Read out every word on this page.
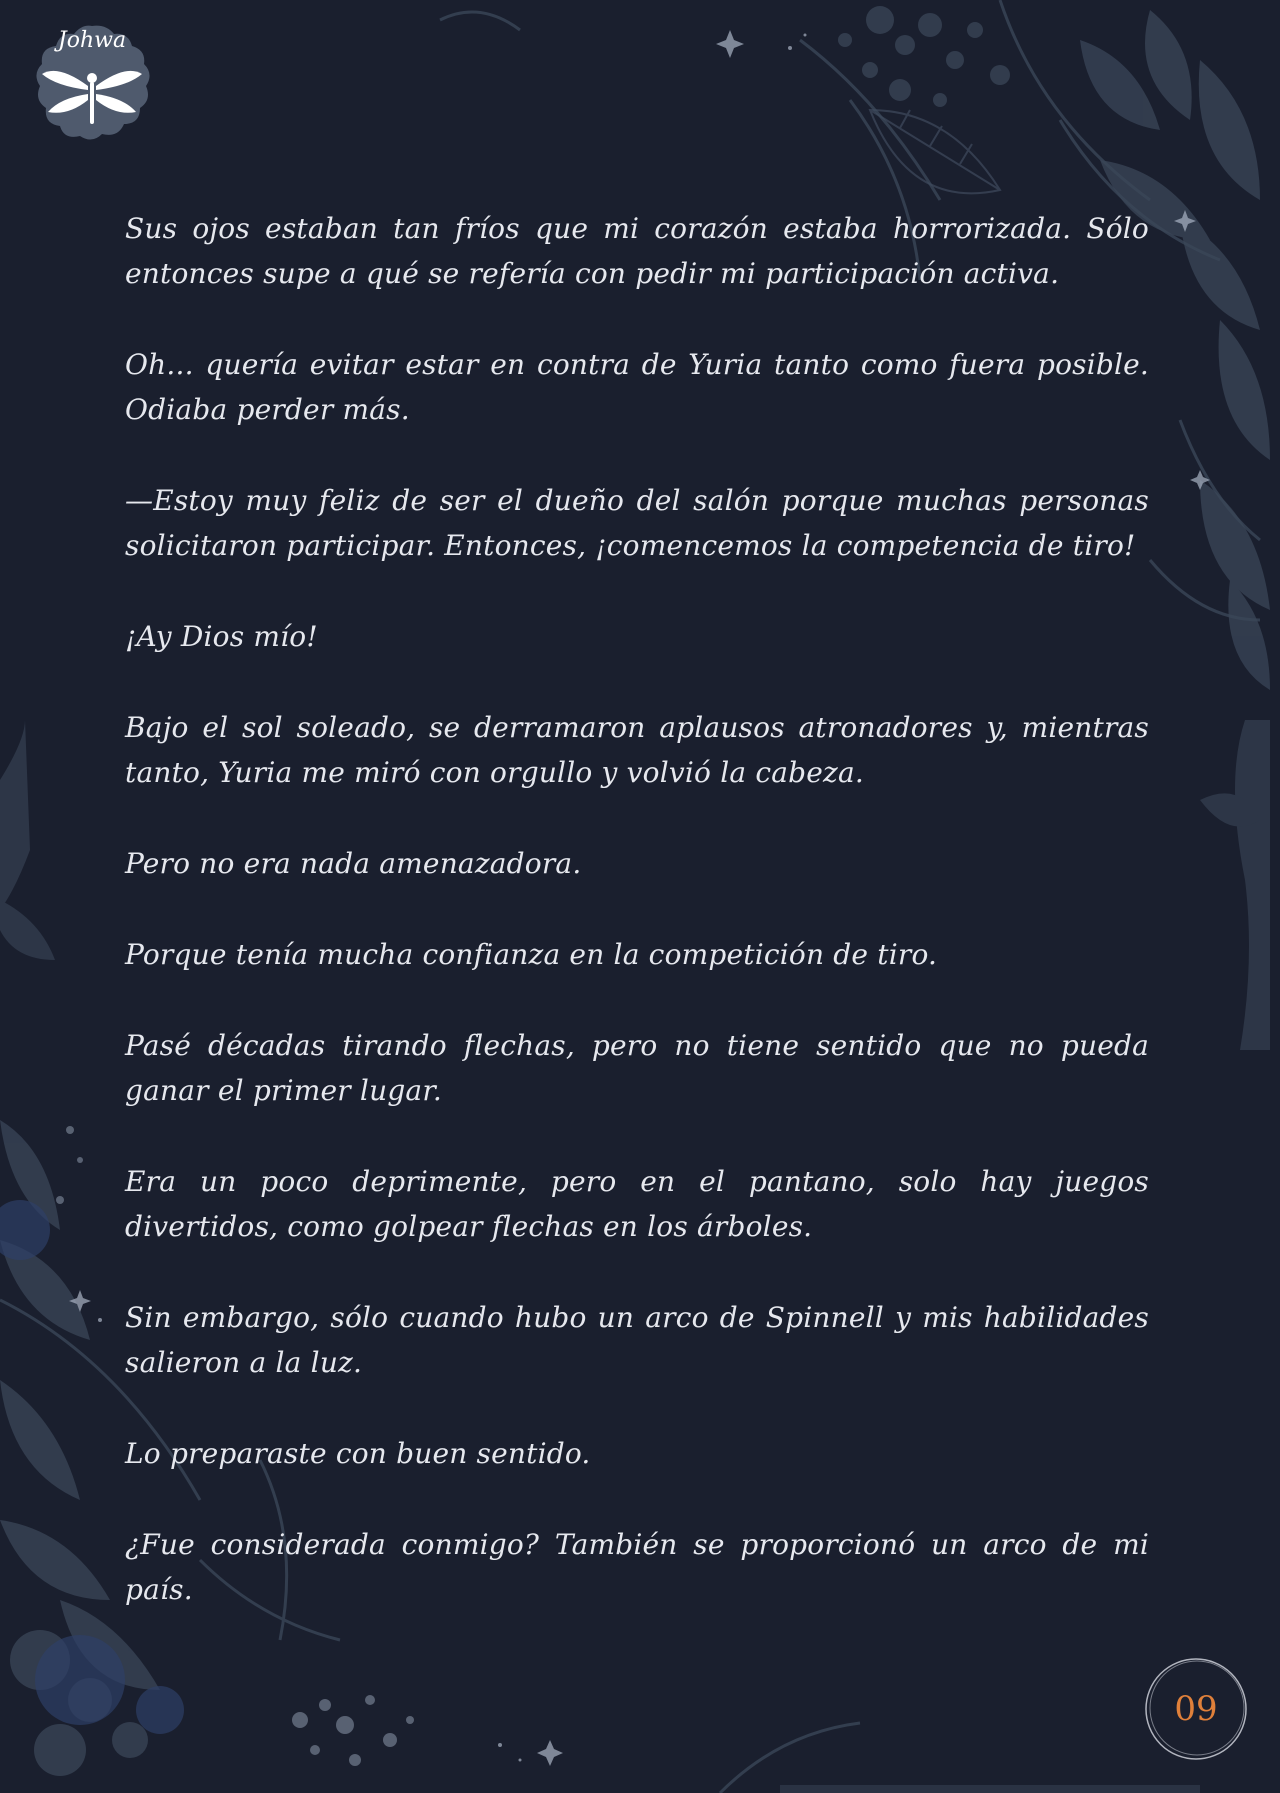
Johwa

Sus ojos estaban tan fríos que mi corazón estaba horrorizada. Sólo entonces supe a qué se refería con pedir mi participación activa.

Oh... quería evitar estar en contra de Yuria tanto como fuera posible. Odiaba perder más.

—Estoy muy feliz de ser el dueño del salón porque muchas personas solicitaron participar. Entonces, ¡comencemos la competencia de tiro!

¡Ay Dios mío!

Bajo el sol soleado, se derramaron aplausos atronadores y, mientras tanto, Yuria me miró con orgullo y volvió la cabeza.

Pero no era nada amenazadora.

Porque tenía mucha confianza en la competición de tiro.

Pasé décadas tirando flechas, pero no tiene sentido que no pueda ganar el primer lugar.

Era un poco deprimente, pero en el pantano, solo hay juegos divertidos, como golpear flechas en los árboles.

Sin embargo, sólo cuando hubo un arco de Spinnell y mis habilidades salieron a la luz.

Lo preparaste con buen sentido.

¿Fue considerada conmigo? También se proporcionó un arco de mi país.

09
